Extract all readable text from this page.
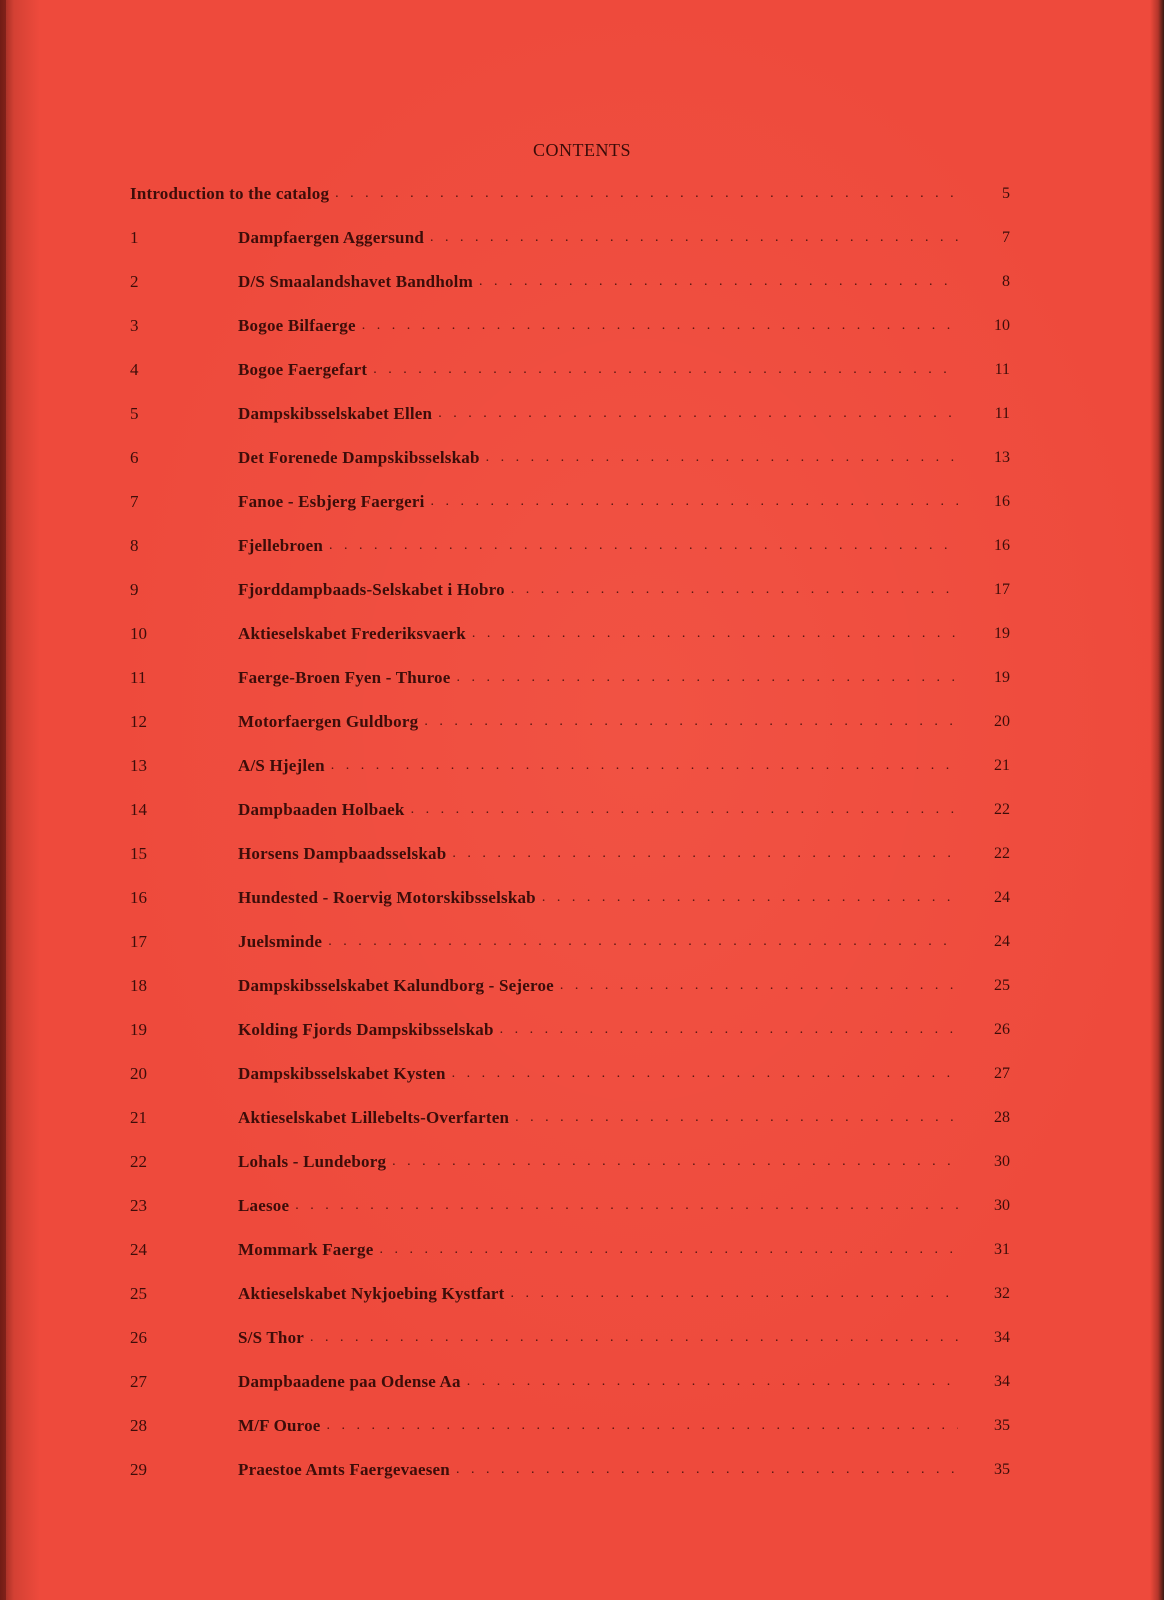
CONTENTS
Introduction to the catalog . . .	5
1	Dampfaergen Aggersund . . .	7
2	D/S Smaalandshavet Bandholm . . .	8
3	Bogoe Bilfaerge . . .	10
4	Bogoe Faergefart . . .	11
5	Dampskibsselskabet Ellen . . .	11
6	Det Forenede Dampskibsselskab . . .	13
7	Fanoe - Esbjerg Faergeri . . .	16
8	Fjellebroen . . .	16
9	Fjorddampbaads-Selskabet i Hobro . . .	17
10	Aktieselskabet Frederiksvaerk . . .	19
11	Faerge-Broen Fyen - Thuroe . . .	19
12	Motorfaergen Guldborg . . .	20
13	A/S Hjejlen . . .	21
14	Dampbaaden Holbaek . . .	22
15	Horsens Dampbaadsselskab . . .	22
16	Hundested - Roervig Motorskibsselskab . . .	24
17	Juelsminde . . .	24
18	Dampskibsselskabet Kalundborg - Sejeroe . . .	25
19	Kolding Fjords Dampskibsselskab . . .	26
20	Dampskibsselskabet Kysten . . .	27
21	Aktieselskabet Lillebelts-Overfarten . . .	28
22	Lohals - Lundeborg . . .	30
23	Laesoe . . .	30
24	Mommark Faerge . . .	31
25	Aktieselskabet Nykjoebing Kystfart . . .	32
26	S/S Thor . . .	34
27	Dampbaadene paa Odense Aa . . .	34
28	M/F Ouroe . . .	35
29	Praestoe Amts Faergevaesen . . .	35
